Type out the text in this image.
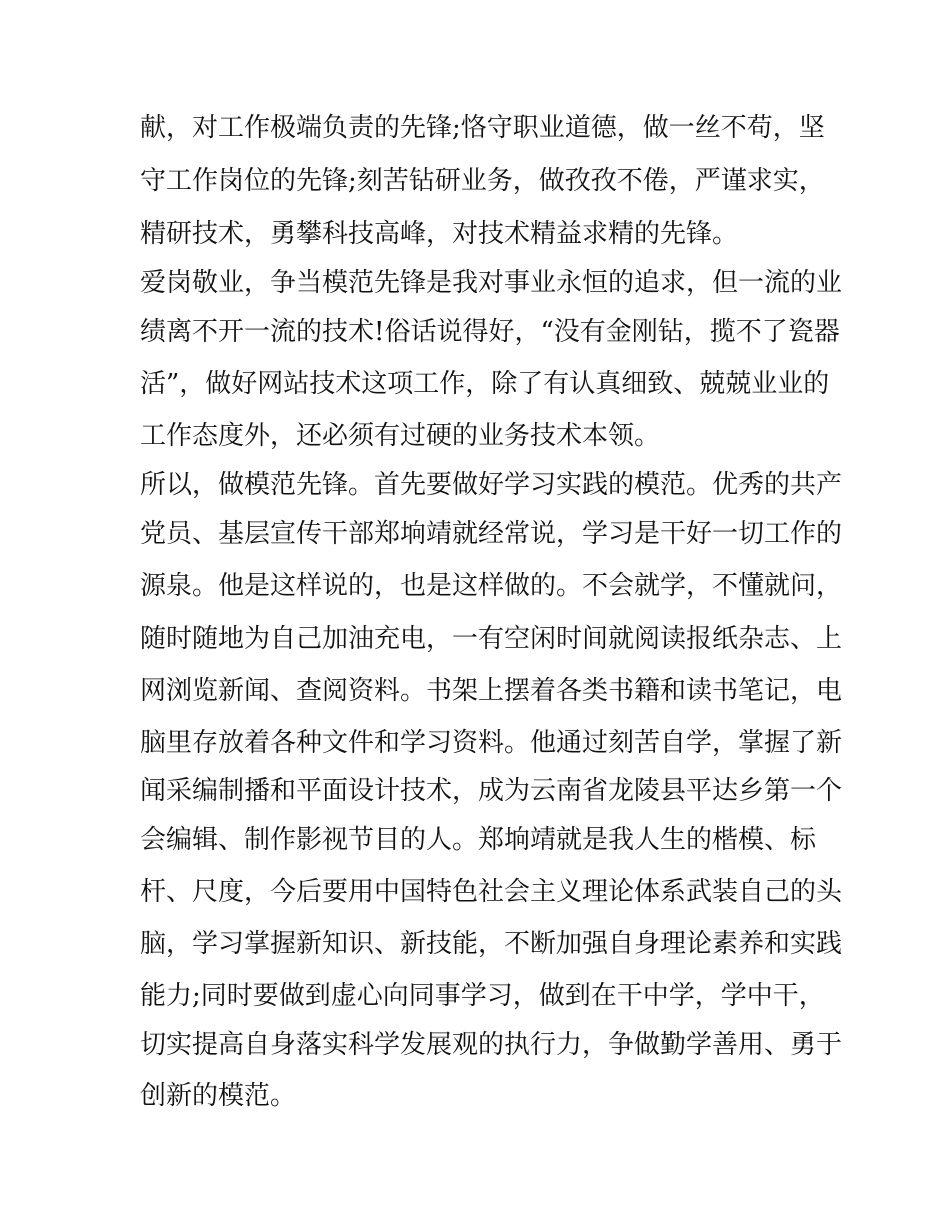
献，对工作极端负责的先锋;恪守职业道德，做一丝不苟，坚

守工作岗位的先锋;刻苦钻研业务，做孜孜不倦，严谨求实，

精研技术，勇攀科技高峰，对技术精益求精的先锋。

爱岗敬业，争当模范先锋是我对事业永恒的追求，但一流的业

绩离不开一流的技术!俗话说得好，“没有金刚钻，揽不了瓷器

活”，做好网站技术这项工作，除了有认真细致、兢兢业业的

工作态度外，还必须有过硬的业务技术本领。

所以，做模范先锋。首先要做好学习实践的模范。优秀的共产

党员、基层宣传干部郑垧靖就经常说，学习是干好一切工作的

源泉。他是这样说的，也是这样做的。不会就学，不懂就问，

随时随地为自己加油充电，一有空闲时间就阅读报纸杂志、上

网浏览新闻、查阅资料。书架上摆着各类书籍和读书笔记，电

脑里存放着各种文件和学习资料。他通过刻苦自学，掌握了新

闻采编制播和平面设计技术，成为云南省龙陵县平达乡第一个

会编辑、制作影视节目的人。郑垧靖就是我人生的楷模、标

杆、尺度，今后要用中国特色社会主义理论体系武装自己的头

脑，学习掌握新知识、新技能，不断加强自身理论素养和实践

能力;同时要做到虚心向同事学习，做到在干中学，学中干，

切实提高自身落实科学发展观的执行力，争做勤学善用、勇于

创新的模范。
